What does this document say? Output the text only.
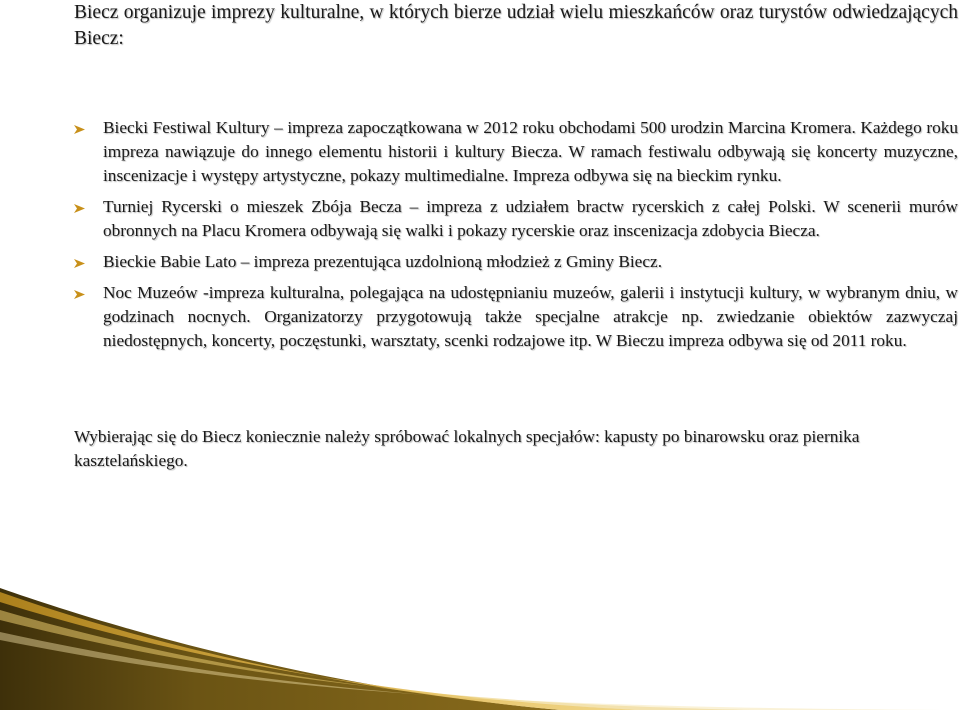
Biecz organizuje imprezy kulturalne, w których bierze udział wielu mieszkańców oraz turystów odwiedzających Biecz:

Biecki Festiwal Kultury – impreza zapoczątkowana w 2012 roku obchodami 500 urodzin Marcina Kromera. Każdego roku impreza nawiązuje do innego elementu historii i kultury Biecza. W ramach festiwalu odbywają się koncerty muzyczne, inscenizacje i występy artystyczne, pokazy multimedialne. Impreza odbywa się na bieckim rynku.
Turniej Rycerski o mieszek Zbója Becza – impreza z udziałem bractw rycerskich z całej Polski. W scenerii murów obronnych na Placu Kromera odbywają się walki i pokazy rycerskie oraz inscenizacja zdobycia Biecza.
Bieckie Babie Lato – impreza prezentująca uzdolnioną młodzież z Gminy Biecz.
Noc Muzeów -impreza kulturalna, polegająca na udostępnianiu muzeów, galerii i instytucji kultury, w wybranym dniu, w godzinach nocnych. Organizatorzy przygotowują także specjalne atrakcje np. zwiedzanie obiektów zazwyczaj niedostępnych, koncerty, poczęstunki, warsztaty, scenki rodzajowe itp. W Bieczu impreza odbywa się od 2011 roku.

Wybierając się do Biecz koniecznie należy spróbować lokalnych specjałów: kapusty po binarowsku oraz piernika kasztelańskiego.
